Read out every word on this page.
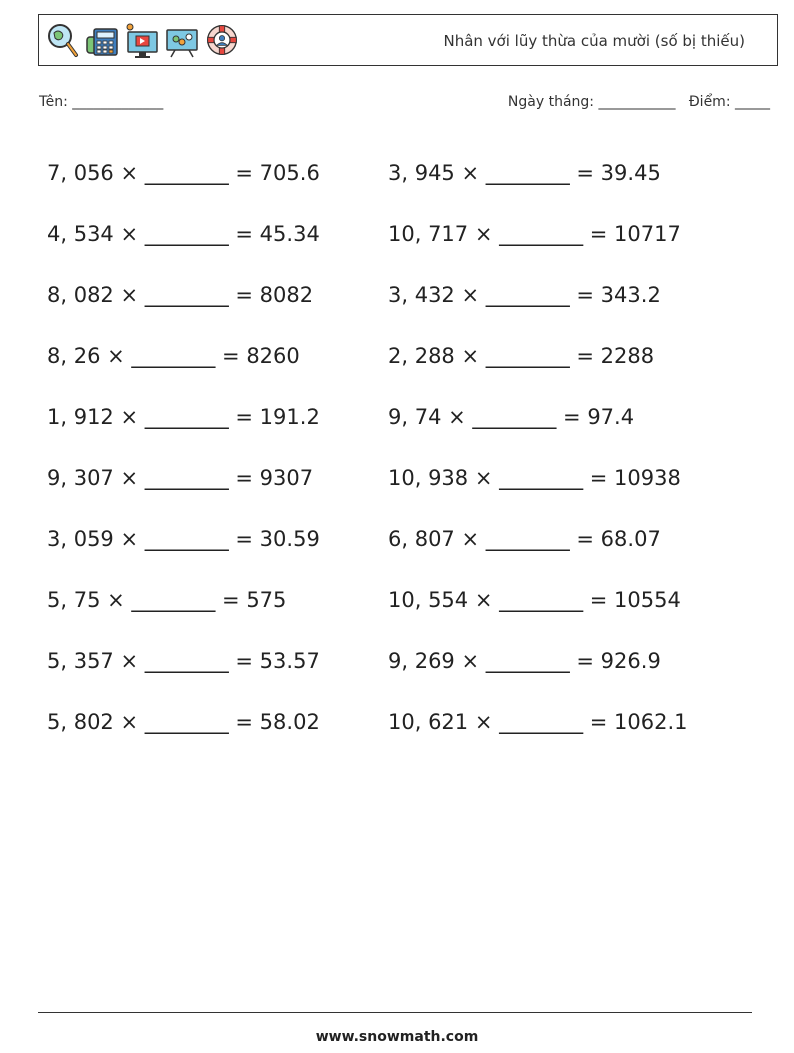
Nhân với lũy thừa của mười (số bị thiếu)
Tên: _____________	Ngày tháng: ___________ Điểm: _____
7, 056 × ________ = 705.6	3, 945 × ________ = 39.45
4, 534 × ________ = 45.34	10, 717 × ________ = 10717
8, 082 × ________ = 8082	3, 432 × ________ = 343.2
8, 26 × ________ = 8260	2, 288 × ________ = 2288
1, 912 × ________ = 191.2	9, 74 × ________ = 97.4
9, 307 × ________ = 9307	10, 938 × ________ = 10938
3, 059 × ________ = 30.59	6, 807 × ________ = 68.07
5, 75 × ________ = 575	10, 554 × ________ = 10554
5, 357 × ________ = 53.57	9, 269 × ________ = 926.9
5, 802 × ________ = 58.02	10, 621 × ________ = 1062.1
www.snowmath.com
